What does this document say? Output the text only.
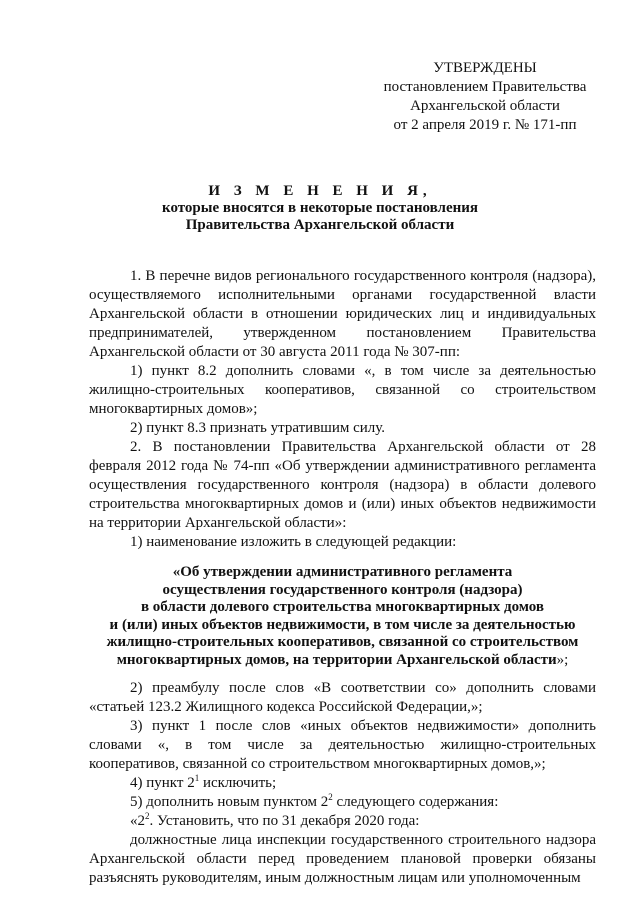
УТВЕРЖДЕНЫ
постановлением Правительства
Архангельской области
от 2 апреля 2019 г. № 171-пп
И З М Е Н Е Н И Я,
которые вносятся в некоторые постановления
Правительства Архангельской области

1. В перечне видов регионального государственного контроля (надзора), осуществляемого исполнительными органами государственной власти Архангельской области в отношении юридических лиц и индивидуальных предпринимателей, утвержденном постановлением Правительства Архангельской области от 30 августа 2011 года № 307-пп:

1) пункт 8.2 дополнить словами «, в том числе за деятельностью жилищно-строительных кооперативов, связанной со строительством многоквартирных домов»;

2) пункт 8.3 признать утратившим силу.

2. В постановлении Правительства Архангельской области от 28 февраля 2012 года № 74-пп «Об утверждении административного регламента осуществления государственного контроля (надзора) в области долевого строительства многоквартирных домов и (или) иных объектов недвижимости на территории Архангельской области»:

1) наименование изложить в следующей редакции:

«Об утверждении административного регламента
осуществления государственного контроля (надзора)
в области долевого строительства многоквартирных домов
и (или) иных объектов недвижимости, в том числе за деятельностью
жилищно-строительных кооперативов, связанной со строительством
многоквартирных домов, на территории Архангельской области»;

2) преамбулу после слов «В соответствии со» дополнить словами «статьей 123.2 Жилищного кодекса Российской Федерации,»;

3) пункт 1 после слов «иных объектов недвижимости» дополнить словами «, в том числе за деятельностью жилищно-строительных кооперативов, связанной со строительством многоквартирных домов,»;

4) пункт $2^1$ исключить;

5) дополнить новым пунктом $2^2$ следующего содержания:

«$2^2$. Установить, что по 31 декабря 2020 года:

должностные лица инспекции государственного строительного надзора Архангельской области перед проведением плановой проверки обязаны разъяснять руководителям, иным должностным лицам или уполномоченным
